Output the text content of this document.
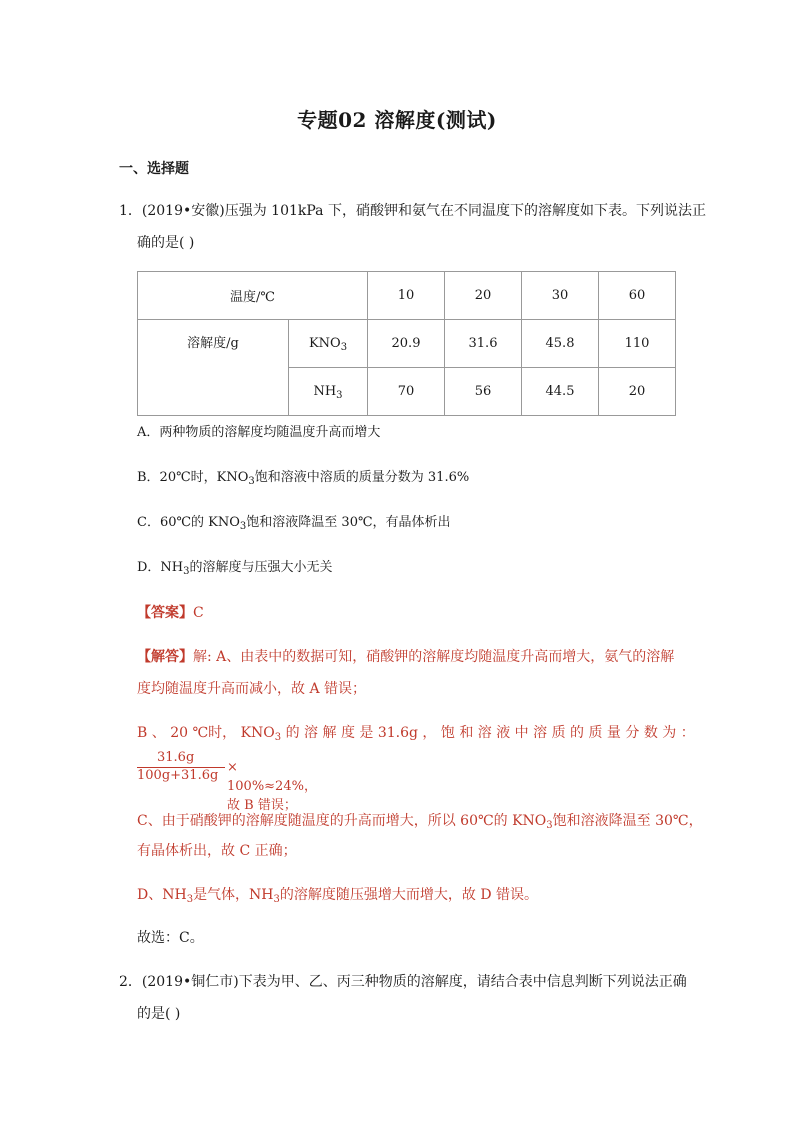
专题02 溶解度(测试)
一、选择题
1．(2019•安徽)压强为 101kPa 下，硝酸钾和氨气在不同温度下的溶解度如下表。下列说法正
确的是( )
温度/℃		10	20	30	60
溶解度/g	$KNO_3$	20.9	31.6	45.8	110
	$NH_3$	70	56	44.5	20
A．两种物质的溶解度均随温度升高而增大
B．20℃时，$KNO_3$饱和溶液中溶质的质量分数为 31.6%
C．60℃的 $KNO_3$饱和溶液降温至 30℃，有晶体析出
D．$NH_3$的溶解度与压强大小无关
【答案】C
【解答】解: A、由表中的数据可知，硝酸钾的溶解度均随温度升高而增大，氨气的溶解
度均随温度升高而减小，故 A 错误；
B 、 20 ℃时， $KNO_3$ 的 溶 解 度 是 31.6g ， 饱 和 溶 液 中 溶 质 的 质 量 分 数 为 ：
31.6g
100g+31.6g
× 100%≈24%，故 B 错误；
C、由于硝酸钾的溶解度随温度的升高而增大，所以 60℃的 $KNO_3$饱和溶液降温至 30℃，
有晶体析出，故 C 正确；
D、$NH_3$是气体，$NH_3$的溶解度随压强增大而增大，故 D 错误。
故选：C。
2．(2019•铜仁市)下表为甲、乙、丙三种物质的溶解度，请结合表中信息判断下列说法正确
的是( )
